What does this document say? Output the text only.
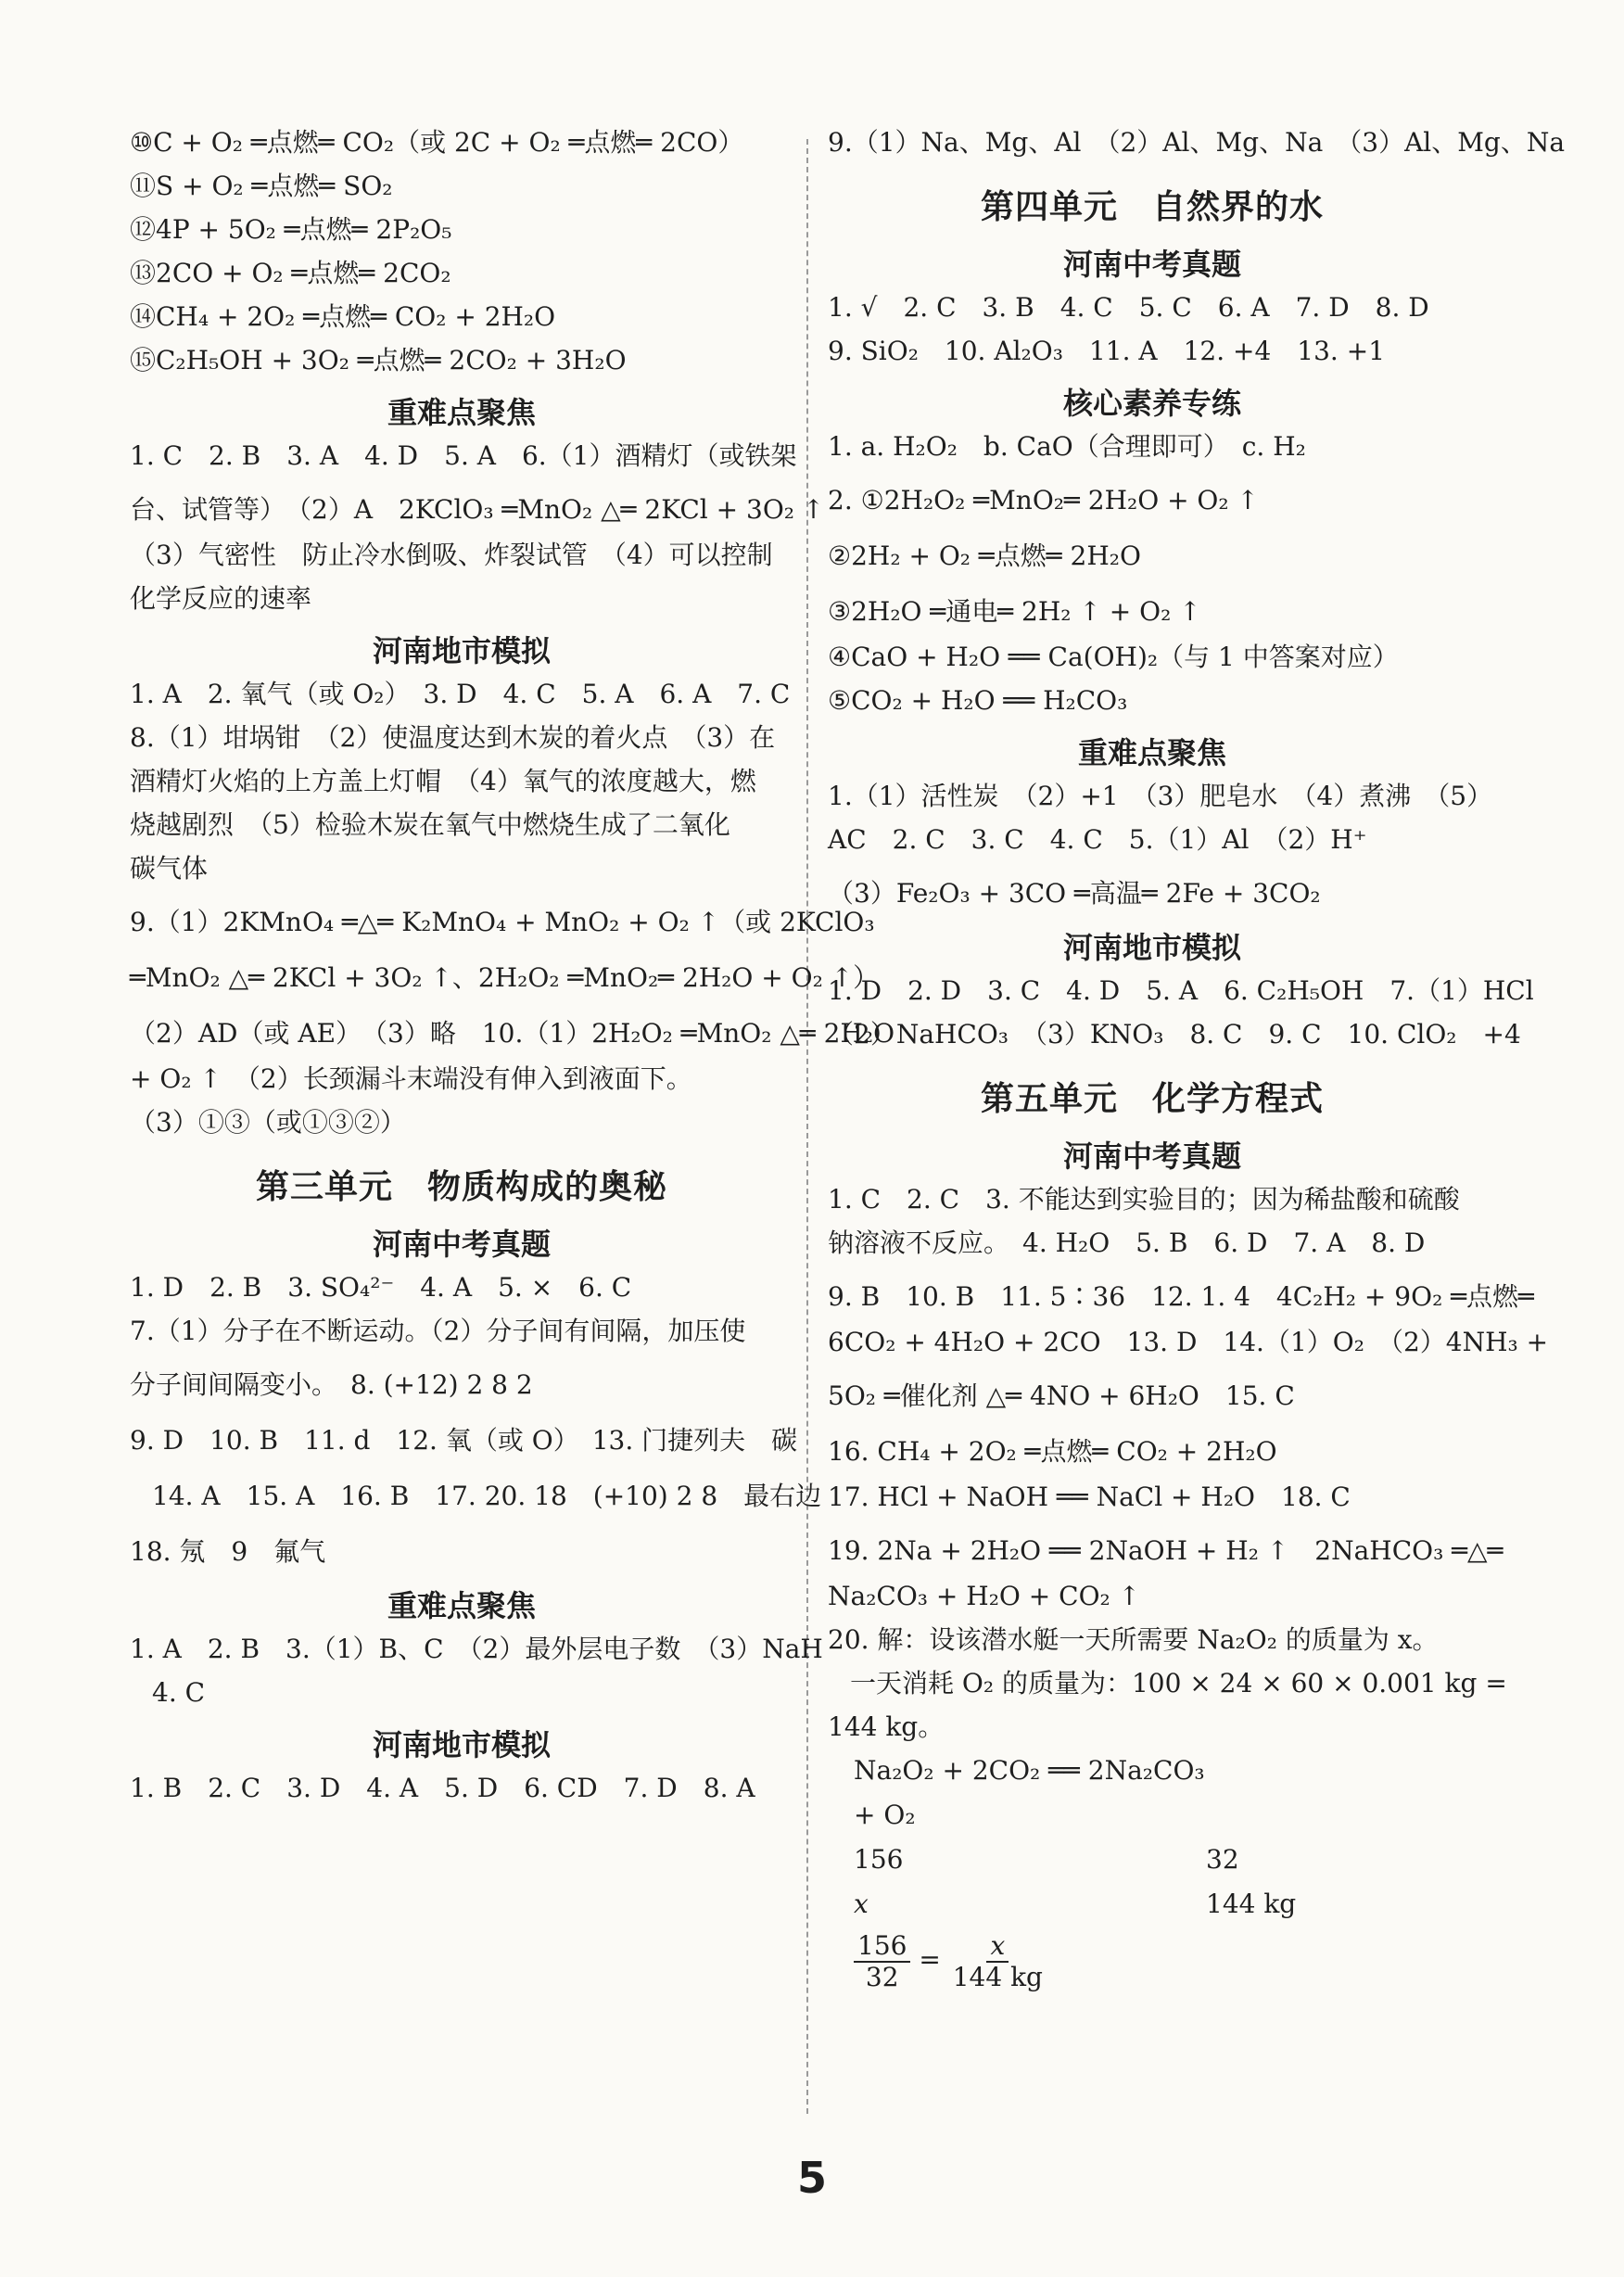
⑩C + O₂ ═点燃═ CO₂（或 2C + O₂ ═点燃═ 2CO）

⑪S + O₂ ═点燃═ SO₂

⑫4P + 5O₂ ═点燃═ 2P₂O₅

⑬2CO + O₂ ═点燃═ 2CO₂

⑭CH₄ + 2O₂ ═点燃═ CO₂ + 2H₂O

⑮C₂H₅OH + 3O₂ ═点燃═ 2CO₂ + 3H₂O

重难点聚焦

1. C　2. B　3. A　4. D　5. A　6.（1）酒精灯（或铁架

台、试管等）　（2）A　2KClO₃ ═MnO₂ △═ 2KCl + 3O₂ ↑

（3）气密性　防止冷水倒吸、炸裂试管　（4）可以控制

化学反应的速率

河南地市模拟

1. A　2. 氧气（或 O₂）　3. D　4. C　5. A　6. A　7. C

8.（1）坩埚钳　（2）使温度达到木炭的着火点　（3）在

酒精灯火焰的上方盖上灯帽　（4）氧气的浓度越大，燃

烧越剧烈　（5）检验木炭在氧气中燃烧生成了二氧化

碳气体

9.（1）2KMnO₄ ═△═ K₂MnO₄ + MnO₂ + O₂ ↑（或 2KClO₃

═MnO₂ △═ 2KCl + 3O₂ ↑、2H₂O₂ ═MnO₂═ 2H₂O + O₂ ↑）

（2）AD（或 AE）　（3）略　10.（1）2H₂O₂ ═MnO₂ △═ 2H₂O

+ O₂ ↑　（2）长颈漏斗末端没有伸入到液面下。

（3）①③（或①③②）

第三单元　物质构成的奥秘
河南中考真题

1. D　2. B　3. SO₄²⁻　4. A　5. ×　6. C

7.（1）分子在不断运动。（2）分子间有间隔，加压使

分子间间隔变小。　8. (+12) 2 8 2

9. D　10. B　11. d　12. 氧（或 O）　13. 门捷列夫　碳

14. A　15. A　16. B　17. 20. 18　(+10) 2 8　最右边

18. 氖　9　氟气

重难点聚焦

1. A　2. B　3.（1）B、C　（2）最外层电子数　（3）NaH

4. C

河南地市模拟

1. B　2. C　3. D　4. A　5. D　6. CD　7. D　8. A

9.（1）Na、Mg、Al　（2）Al、Mg、Na　（3）Al、Mg、Na

第四单元　自然界的水
河南中考真题

1. √　2. C　3. B　4. C　5. C　6. A　7. D　8. D

9. SiO₂　10. Al₂O₃　11. A　12. +4　13. +1

核心素养专练

1. a. H₂O₂　b. CaO（合理即可）　c. H₂

2. ①2H₂O₂ ═MnO₂═ 2H₂O + O₂ ↑

②2H₂ + O₂ ═点燃═ 2H₂O

③2H₂O ═通电═ 2H₂ ↑ + O₂ ↑

④CaO + H₂O ══ Ca(OH)₂（与 1 中答案对应）

⑤CO₂ + H₂O ══ H₂CO₃

重难点聚焦

1.（1）活性炭　（2）+1　（3）肥皂水　（4）煮沸　（5）

AC　2. C　3. C　4. C　5.（1）Al　（2）H⁺

（3）Fe₂O₃ + 3CO ═高温═ 2Fe + 3CO₂

河南地市模拟

1. D　2. D　3. C　4. D　5. A　6. C₂H₅OH　7.（1）HCl

（2）NaHCO₃　（3）KNO₃　8. C　9. C　10. ClO₂　+4

第五单元　化学方程式
河南中考真题

1. C　2. C　3. 不能达到实验目的；因为稀盐酸和硫酸

钠溶液不反应。　4. H₂O　5. B　6. D　7. A　8. D

9. B　10. B　11. 5∶36　12. 1. 4　4C₂H₂ + 9O₂ ═点燃═

6CO₂ + 4H₂O + 2CO　13. D　14.（1）O₂　（2）4NH₃ +

5O₂ ═催化剂 △═ 4NO + 6H₂O　15. C

16. CH₄ + 2O₂ ═点燃═ CO₂ + 2H₂O

17. HCl + NaOH ══ NaCl + H₂O　18. C

19. 2Na + 2H₂O ══ 2NaOH + H₂ ↑　2NaHCO₃ ═△═

Na₂CO₃ + H₂O + CO₂ ↑

20. 解：设该潜水艇一天所需要 Na₂O₂ 的质量为 x。

一天消耗 O₂ 的质量为：100 × 24 × 60 × 0.001 kg =

144 kg。

Na₂O₂ + 2CO₂ ══ 2Na₂CO₃ + O₂
156	32
x	144 kg

$\frac{156}{32} = \frac{x}{144 kg}$

5
